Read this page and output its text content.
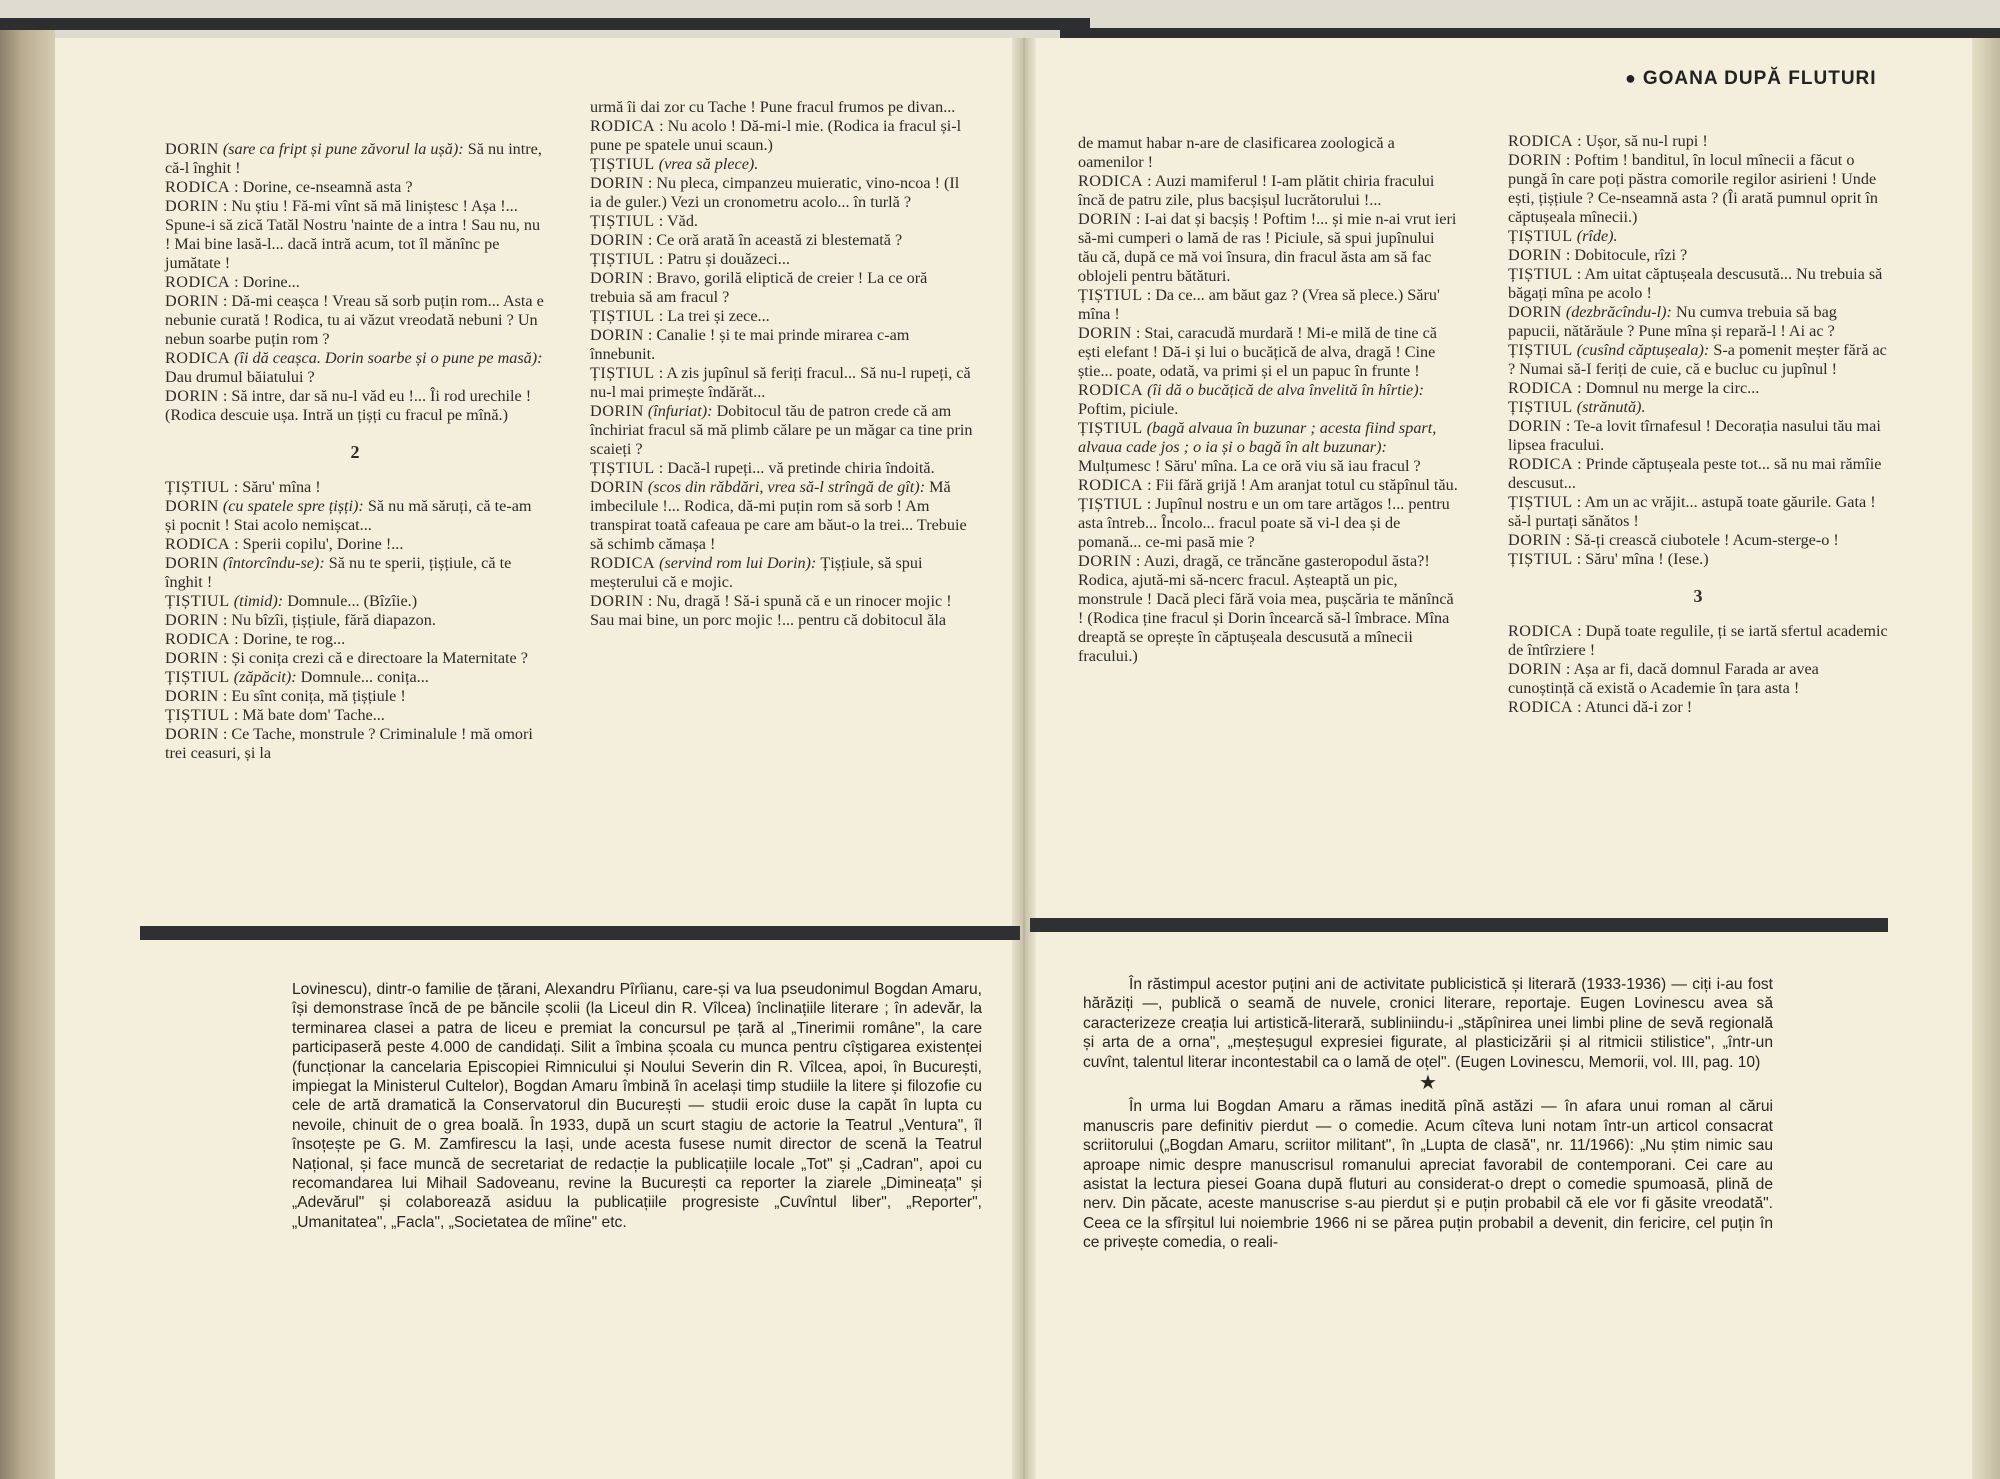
● GOANA DUPĂ FLUTURI

DORIN (sare ca fript și pune zăvorul la ușă): Să nu intre, că-l înghit !

RODICA : Dorine, ce-nseamnă asta ?

DORIN : Nu știu ! Fă-mi vînt să mă liniștesc ! Așa !... Spune-i să zică Tatăl Nostru 'nainte de a intra ! Sau nu, nu ! Mai bine lasă-l... dacă intră acum, tot îl mănînc pe jumătate !

RODICA : Dorine...

DORIN : Dă-mi ceașca ! Vreau să sorb puțin rom... Asta e nebunie curată ! Rodica, tu ai văzut vreodată nebuni ? Un nebun soarbe puțin rom ?

RODICA (îi dă ceașca. Dorin soarbe și o pune pe masă): Dau drumul băiatului ?

DORIN : Să intre, dar să nu-l văd eu !... Îi rod urechile ! (Rodica descuie ușa. Intră un țișți cu fracul pe mînă.)

2

ȚIȘTIUL : Săru' mîna !

DORIN (cu spatele spre țișți): Să nu mă săruți, că te-am și pocnit ! Stai acolo nemișcat...

RODICA : Sperii copilu', Dorine !...

DORIN (întorcîndu-se): Să nu te sperii, țișțiule, că te înghit !

ȚIȘTIUL (timid): Domnule... (Bîzîie.)

DORIN : Nu bîzîi, țișțiule, fără diapazon.

RODICA : Dorine, te rog...

DORIN : Și conița crezi că e directoare la Maternitate ?

ȚIȘTIUL (zăpăcit): Domnule... conița...

DORIN : Eu sînt conița, mă țișțiule !

ȚIȘTIUL : Mă bate dom' Tache...

DORIN : Ce Tache, monstrule ? Criminalule ! mă omori trei ceasuri, și la

urmă îi dai zor cu Tache ! Pune fracul frumos pe divan...

RODICA : Nu acolo ! Dă-mi-l mie. (Rodica ia fracul și-l pune pe spatele unui scaun.)

ȚIȘTIUL (vrea să plece).

DORIN : Nu pleca, cimpanzeu muieratic, vino-ncoa ! (Il ia de guler.) Vezi un cronometru acolo... în turlă ?

ȚIȘTIUL : Văd.

DORIN : Ce oră arată în această zi blestemată ?

ȚIȘTIUL : Patru și douăzeci...

DORIN : Bravo, gorilă eliptică de creier ! La ce oră trebuia să am fracul ?

ȚIȘTIUL : La trei și zece...

DORIN : Canalie ! și te mai prinde mirarea c-am înnebunit.

ȚIȘTIUL : A zis jupînul să feriți fracul... Să nu-l rupeți, că nu-l mai primește îndărăt...

DORIN (înfuriat): Dobitocul tău de patron crede că am închiriat fracul să mă plimb călare pe un măgar ca tine prin scaieți ?

ȚIȘTIUL : Dacă-l rupeți... vă pretinde chiria îndoită.

DORIN (scos din răbdări, vrea să-l strîngă de gît): Mă imbecilule !... Rodica, dă-mi puțin rom să sorb ! Am transpirat toată cafeaua pe care am băut-o la trei... Trebuie să schimb cămașa !

RODICA (servind rom lui Dorin): Țișțiule, să spui meșterului că e mojic.

DORIN : Nu, dragă ! Să-i spună că e un rinocer mojic ! Sau mai bine, un porc mojic !... pentru că dobitocul ăla

de mamut habar n-are de clasificarea zoologică a oamenilor !

RODICA : Auzi mamiferul ! I-am plătit chiria fracului încă de patru zile, plus bacșișul lucrătorului !...

DORIN : I-ai dat și bacșiș ! Poftim !... și mie n-ai vrut ieri să-mi cumperi o lamă de ras ! Piciule, să spui jupînului tău că, după ce mă voi însura, din fracul ăsta am să fac oblojeli pentru bătături.

ȚIȘTIUL : Da ce... am băut gaz ? (Vrea să plece.) Săru' mîna !

DORIN : Stai, caracudă murdară ! Mi-e milă de tine că ești elefant ! Dă-i și lui o bucățică de alva, dragă ! Cine știe... poate, odată, va primi și el un papuc în frunte !

RODICA (îi dă o bucățică de alva învelită în hîrtie): Poftim, piciule.

ȚIȘTIUL (bagă alvaua în buzunar ; acesta fiind spart, alvaua cade jos ; o ia și o bagă în alt buzunar): Mulțumesc ! Săru' mîna. La ce oră viu să iau fracul ?

RODICA : Fii fără grijă ! Am aranjat totul cu stăpînul tău.

ȚIȘTIUL : Jupînul nostru e un om tare artăgos !... pentru asta întreb... Încolo... fracul poate să vi-l dea și de pomană... ce-mi pasă mie ?

DORIN : Auzi, dragă, ce trăncăne gasteropodul ăsta?! Rodica, ajută-mi să-ncerc fracul. Așteaptă un pic, monstrule ! Dacă pleci fără voia mea, pușcăria te mănîncă ! (Rodica ține fracul și Dorin încearcă să-l îmbrace. Mîna dreaptă se oprește în căptușeala descusută a mînecii fracului.)

RODICA : Ușor, să nu-l rupi !

DORIN : Poftim ! banditul, în locul mînecii a făcut o pungă în care poți păstra comorile regilor asirieni ! Unde ești, țișțiule ? Ce-nseamnă asta ? (Îi arată pumnul oprit în căptușeala mînecii.)

ȚIȘTIUL (rîde).

DORIN : Dobitocule, rîzi ?

ȚIȘTIUL : Am uitat căptușeala descusută... Nu trebuia să băgați mîna pe acolo !

DORIN (dezbrăcîndu-l): Nu cumva trebuia să bag papucii, nătărăule ? Pune mîna și repară-l ! Ai ac ?

ȚIȘTIUL (cusînd căptușeala): S-a pomenit meșter fără ac ? Numai să-I feriți de cuie, că e bucluc cu jupînul !

RODICA : Domnul nu merge la circ...

ȚIȘTIUL (strănută).

DORIN : Te-a lovit tîrnafesul ! Decorația nasului tău mai lipsea fracului.

RODICA : Prinde căptușeala peste tot... să nu mai rămîie descusut...

ȚIȘTIUL : Am un ac vrăjit... astupă toate găurile. Gata ! să-l purtați sănătos !

DORIN : Să-ți crească ciubotele ! Acum-sterge-o !

ȚIȘTIUL : Săru' mîna ! (Iese.)

3

RODICA : După toate regulile, ți se iartă sfertul academic de întîrziere !

DORIN : Așa ar fi, dacă domnul Farada ar avea cunoștință că există o Academie în țara asta !

RODICA : Atunci dă-i zor !

Lovinescu), dintr-o familie de țărani, Alexandru Pîrîianu, care-și va lua pseudonimul Bogdan Amaru, își demonstrase încă de pe băncile școlii (la Liceul din R. Vîlcea) înclinațiile literare ; în adevăr, la terminarea clasei a patra de liceu e premiat la concursul pe țară al „Tinerimii române", la care participaseră peste 4.000 de candidați. Silit a îmbina școala cu munca pentru cîștigarea existenței (funcționar la cancelaria Episcopiei Rimnicului și Noului Severin din R. Vîlcea, apoi, în București, impiegat la Ministerul Cultelor), Bogdan Amaru îmbină în același timp studiile la litere și filozofie cu cele de artă dramatică la Conservatorul din București — studii eroic duse la capăt în lupta cu nevoile, chinuit de o grea boală. În 1933, după un scurt stagiu de actorie la Teatrul „Ventura", îl însoțește pe G. M. Zamfirescu la Iași, unde acesta fusese numit director de scenă la Teatrul Național, și face muncă de secretariat de redacție la publicațiile locale „Tot" și „Cadran", apoi cu recomandarea lui Mihail Sadoveanu, revine la București ca reporter la ziarele „Dimineața" și „Adevărul" și colaborează asiduu la publicațiile progresiste „Cuvîntul liber", „Reporter", „Umanitatea", „Facla", „Societatea de mîine" etc.

În răstimpul acestor puțini ani de activitate publicistică și literară (1933-1936) — ciți i-au fost hărăziți —, publică o seamă de nuvele, cronici literare, reportaje. Eugen Lovinescu avea să caracterizeze creația lui artistică-literară, subliniindu-i „stăpînirea unei limbi pline de sevă regională și arta de a orna", „meșteșugul expresiei figurate, al plasticizării și al ritmicii stilistice", „într-un cuvînt, talentul literar incontestabil ca o lamă de oțel". (Eugen Lovinescu, Memorii, vol. III, pag. 10)

★

În urma lui Bogdan Amaru a rămas inedită pînă astăzi — în afara unui roman al cărui manuscris pare definitiv pierdut — o comedie. Acum cîteva luni notam într-un articol consacrat scriitorului („Bogdan Amaru, scriitor militant", în „Lupta de clasă", nr. 11/1966): „Nu știm nimic sau aproape nimic despre manuscrisul romanului apreciat favorabil de contemporani. Cei care au asistat la lectura piesei Goana după fluturi au considerat-o drept o comedie spumoasă, plină de nerv. Din păcate, aceste manuscrise s-au pierdut și e puțin probabil că ele vor fi găsite vreodată". Ceea ce la sfîrșitul lui noiembrie 1966 ni se părea puțin probabil a devenit, din fericire, cel puțin în ce privește comedia, o reali-
